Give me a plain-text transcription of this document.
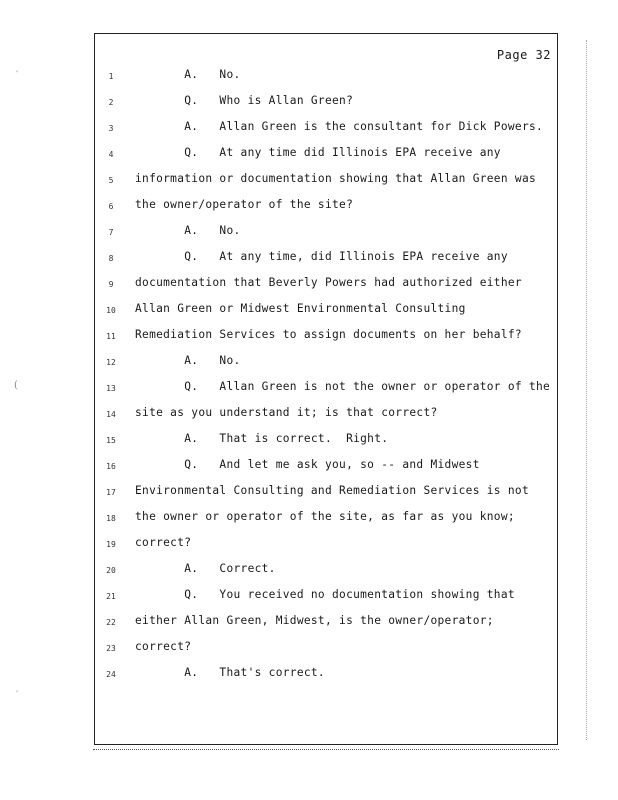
′
(
′
Page 32
1	A.   No.
2	Q.   Who is Allan Green?
3	A.   Allan Green is the consultant for Dick Powers.
4	Q.   At any time did Illinois EPA receive any
5	information or documentation showing that Allan Green was
6	the owner/operator of the site?
7	A.   No.
8	Q.   At any time, did Illinois EPA receive any
9	documentation that Beverly Powers had authorized either
10 Allan Green or Midwest Environmental Consulting
11 Remediation Services to assign documents on her behalf?
12 A.   No.
13 Q.   Allan Green is not the owner or operator of the
14 site as you understand it; is that correct?
15 A.   That is correct.  Right.
16 Q.   And let me ask you, so -- and Midwest
17 Environmental Consulting and Remediation Services is not
18 the owner or operator of the site, as far as you know;
19 correct?
20 A.   Correct.
21 Q.   You received no documentation showing that
22 either Allan Green, Midwest, is the owner/operator;
23 correct?
24 A.   That's correct.
